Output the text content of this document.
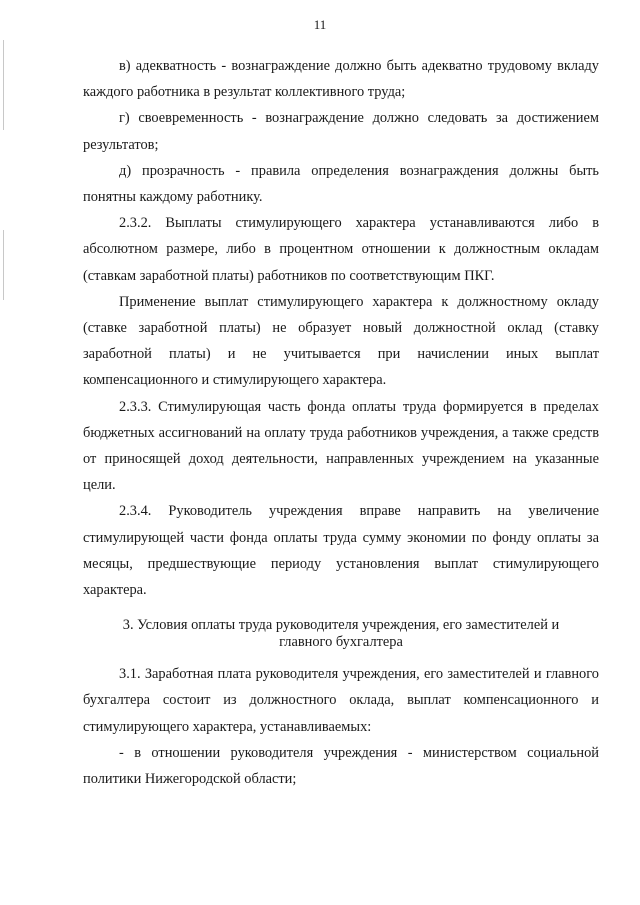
11

в) адекватность - вознаграждение должно быть адекватно трудовому вкладу каждого работника в результат коллективного труда;

г) своевременность - вознаграждение должно следовать за достижением результатов;

д) прозрачность - правила определения вознаграждения должны быть понятны каждому работнику.

2.3.2. Выплаты стимулирующего характера устанавливаются либо в абсолютном размере, либо в процентном отношении к должностным окладам (ставкам заработной платы) работников по соответствующим ПКГ.

Применение выплат стимулирующего характера к должностному окладу (ставке заработной платы) не образует новый должностной оклад (ставку заработной платы) и не учитывается при начислении иных выплат компенсационного и стимулирующего характера.

2.3.3. Стимулирующая часть фонда оплаты труда формируется в пределах бюджетных ассигнований на оплату труда работников учреждения, а также средств от приносящей доход деятельности, направленных учреждением на указанные цели.

2.3.4. Руководитель учреждения вправе направить на увеличение стимулирующей части фонда оплаты труда сумму экономии по фонду оплаты за месяцы, предшествующие периоду установления выплат стимулирующего характера.

3. Условия оплаты труда руководителя учреждения, его заместителей и
главного бухгалтера

3.1. Заработная плата руководителя учреждения, его заместителей и главного бухгалтера состоит из должностного оклада, выплат компенсационного и стимулирующего характера, устанавливаемых:

- в отношении руководителя учреждения - министерством социальной политики Нижегородской области;
